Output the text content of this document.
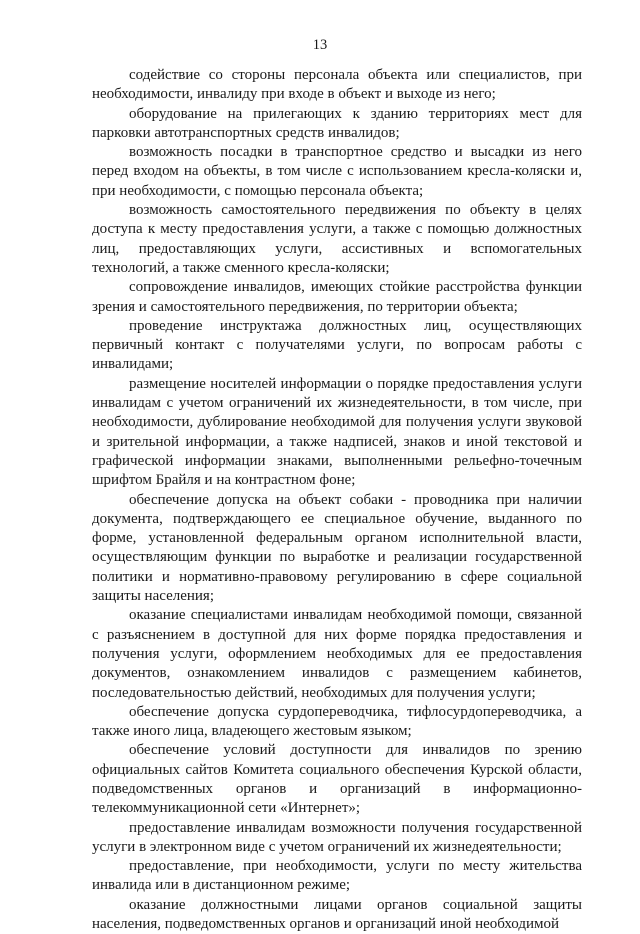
13

содействие со стороны персонала объекта или специалистов, при необходимости, инвалиду при входе в объект и выходе из него;

оборудование на прилегающих к зданию территориях мест для парковки автотранспортных средств инвалидов;

возможность посадки в транспортное средство и высадки из него перед входом на объекты, в том числе с использованием кресла-коляски и, при необходимости, с помощью персонала объекта;

возможность самостоятельного передвижения по объекту в целях доступа к месту предоставления услуги, а также с помощью должностных лиц, предоставляющих услуги, ассистивных и вспомогательных технологий, а также сменного кресла-коляски;

сопровождение инвалидов, имеющих стойкие расстройства функции зрения и самостоятельного передвижения, по территории объекта;

проведение инструктажа должностных лиц, осуществляющих первичный контакт с получателями услуги, по вопросам работы с инвалидами;

размещение носителей информации о порядке предоставления услуги инвалидам с учетом ограничений их жизнедеятельности, в том числе, при необходимости, дублирование необходимой для получения услуги звуковой и зрительной информации, а также надписей, знаков и иной текстовой и графической информации знаками, выполненными рельефно-точечным шрифтом Брайля и на контрастном фоне;

обеспечение допуска на объект собаки - проводника при наличии документа, подтверждающего ее специальное обучение, выданного по форме, установленной федеральным органом исполнительной власти, осуществляющим функции по выработке и реализации государственной политики и нормативно-правовому регулированию в сфере социальной защиты населения;

оказание специалистами инвалидам необходимой помощи, связанной с разъяснением в доступной для них форме порядка предоставления и получения услуги, оформлением необходимых для ее предоставления документов, ознакомлением инвалидов с размещением кабинетов, последовательностью действий, необходимых для получения услуги;

обеспечение допуска сурдопереводчика, тифлосурдопереводчика, а также иного лица, владеющего жестовым языком;

обеспечение условий доступности для инвалидов по зрению официальных сайтов Комитета социального обеспечения Курской области, подведомственных органов и организаций в информационно-телекоммуникационной сети «Интернет»;

предоставление инвалидам возможности получения государственной услуги в электронном виде с учетом ограничений их жизнедеятельности;

предоставление, при необходимости, услуги по месту жительства инвалида или в дистанционном режиме;

оказание должностными лицами органов социальной защиты населения, подведомственных органов и организаций иной необходимой
